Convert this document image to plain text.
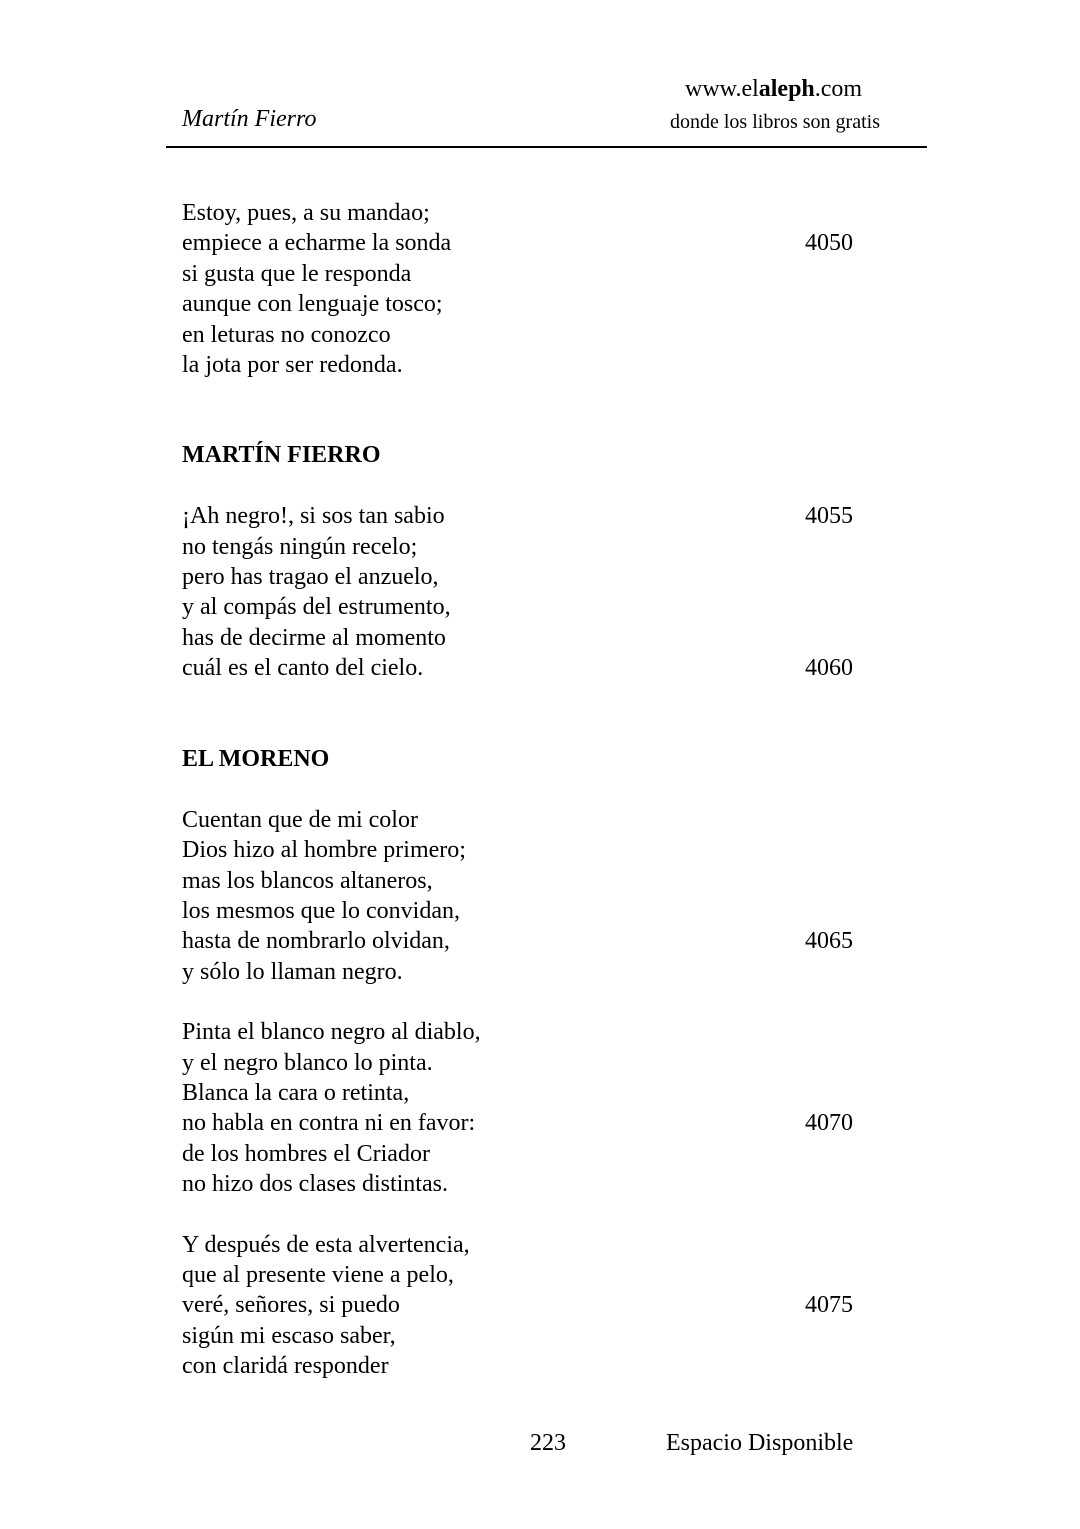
Martín Fierro
www.elaleph.com
donde los libros son gratis
Estoy, pues, a su mandao;
empiece a echarme la sonda
si gusta que le responda
aunque con lenguaje tosco;
en leturas no conozco
la jota por ser redonda.
4050
MARTÍN FIERRO
¡Ah negro!, si sos tan sabio
no tengás ningún recelo;
pero has tragao el anzuelo,
y al compás del estrumento,
has de decirme al momento
cuál es el canto del cielo.
4055
4060
EL MORENO
Cuentan que de mi color
Dios hizo al hombre primero;
mas los blancos altaneros,
los mesmos que lo convidan,
hasta de nombrarlo olvidan,
y sólo lo llaman negro.
4065
Pinta el blanco negro al diablo,
y el negro blanco lo pinta.
Blanca la cara o retinta,
no habla en contra ni en favor:
de los hombres el Criador
no hizo dos clases distintas.
4070
Y después de esta alvertencia,
que al presente viene a pelo,
veré, señores, si puedo
sigún mi escaso saber,
con claridá responder
4075
223	Espacio Disponible
